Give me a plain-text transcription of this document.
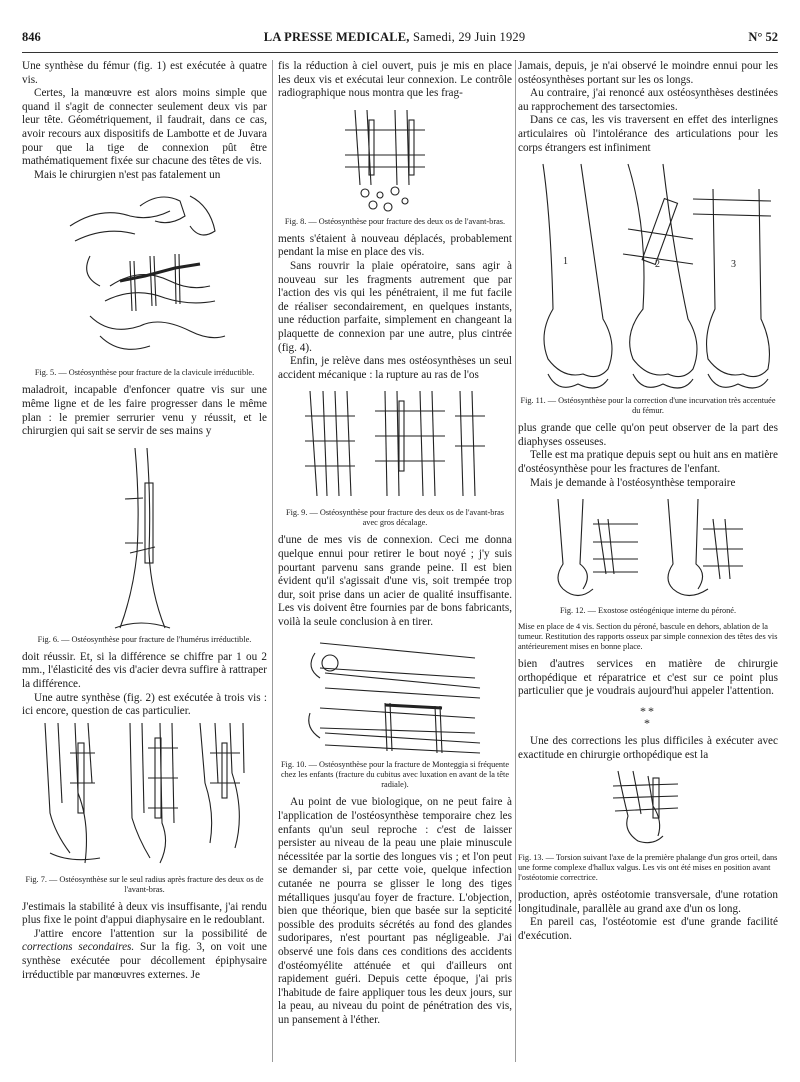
846	LA PRESSE MEDICALE, Samedi, 29 Juin 1929	N° 52

Une synthèse du fémur (fig. 1) est exécutée à quatre vis.

Certes, la manœuvre est alors moins simple que quand il s'agit de connecter seulement deux vis par leur tête. Géométriquement, il faudrait, dans ce cas, avoir recours aux dispositifs de Lambotte et de Juvara pour que la tige de connexion pût être mathématiquement fixée sur chacune des têtes de vis.

Mais le chirurgien n'est pas fatalement un

Fig. 5. — Ostéosynthèse pour fracture de la clavicule irréductible.

maladroit, incapable d'enfoncer quatre vis sur une même ligne et de les faire progresser dans le même plan : le premier serrurier venu y réussit, et le chirurgien qui sait se servir de ses mains y

Fig. 6. — Ostéosynthèse pour fracture de l'humérus irréductible.

doit réussir. Et, si la différence se chiffre par 1 ou 2 mm., l'élasticité des vis d'acier devra suffire à rattraper la différence.

Une autre synthèse (fig. 2) est exécutée à trois vis : ici encore, question de cas particulier.

Fig. 7. — Ostéosynthèse sur le seul radius après fracture des deux os de l'avant-bras.

J'estimais la stabilité à deux vis insuffisante, j'ai rendu plus fixe le point d'appui diaphysaire en le redoublant.

J'attire encore l'attention sur la possibilité de corrections secondaires. Sur la fig. 3, on voit une synthèse exécutée pour décollement épiphysaire irréductible par manœuvres externes. Je

fis la réduction à ciel ouvert, puis je mis en place les deux vis et exécutai leur connexion. Le contrôle radiographique nous montra que les frag-

Fig. 8. — Ostéosynthèse pour fracture des deux os de l'avant-bras.

ments s'étaient à nouveau déplacés, probablement pendant la mise en place des vis.

Sans rouvrir la plaie opératoire, sans agir à nouveau sur les fragments autrement que par l'action des vis qui les pénétraient, il me fut facile de réaliser secondairement, en quelques instants, une réduction parfaite, simplement en changeant la plaquette de connexion par une autre, plus cintrée (fig. 4).

Enfin, je relève dans mes ostéosynthèses un seul accident mécanique : la rupture au ras de l'os

Fig. 9. — Ostéosynthèse pour fracture des deux os de l'avant-bras avec gros décalage.

d'une de mes vis de connexion. Ceci me donna quelque ennui pour retirer le bout noyé ; j'y suis pourtant parvenu sans grande peine. Il est bien évident qu'il s'agissait d'une vis, soit trempée trop dur, soit prise dans un acier de qualité insuffisante. Les vis doivent être fournies par de bons fabricants, voilà la seule conclusion à en tirer.

Fig. 10. — Ostéosynthèse pour la fracture de Monteggia si fréquente chez les enfants (fracture du cubitus avec luxation en avant de la tête radiale).

Au point de vue biologique, on ne peut faire à l'application de l'ostéosynthèse temporaire chez les enfants qu'un seul reproche : c'est de laisser persister au niveau de la peau une plaie minuscule nécessitée par la sortie des longues vis ; et l'on peut se demander si, par cette voie, quelque infection cutanée ne pourra se glisser le long des tiges métalliques jusqu'au foyer de fracture. L'objection, bien que théorique, bien que basée sur la septicité possible des produits sécrétés au fond des glandes sudoripares, n'est pourtant pas négligeable. J'ai observé une fois dans ces conditions des accidents d'ostéomyélite atténuée et qui d'ailleurs ont rapidement guéri. Depuis cette époque, j'ai pris l'habitude de faire appliquer tous les deux jours, sur la peau, au niveau du point de pénétration des vis, un pansement à l'éther.

Jamais, depuis, je n'ai observé le moindre ennui pour les ostéosynthèses portant sur les os longs.

Au contraire, j'ai renoncé aux ostéosynthèses destinées au rapprochement des tarsectomies.

Dans ce cas, les vis traversent en effet des interlignes articulaires où l'intolérance des articulations pour les corps étrangers est infiniment

1	2	3
Fig. 11. — Ostéosynthèse pour la correction d'une incurvation très accentuée du fémur.

plus grande que celle qu'on peut observer de la part des diaphyses osseuses.

Telle est ma pratique depuis sept ou huit ans en matière d'ostéosynthèse pour les fractures de l'enfant.

Mais je demande à l'ostéosynthèse temporaire

Fig. 12. — Exostose ostéogénique interne du péroné.
Mise en place de 4 vis. Section du péroné, bascule en dehors, ablation de la tumeur. Restitution des rapports osseux par simple connexion des têtes des vis antérieurement mises en bonne place.

bien d'autres services en matière de chirurgie orthopédique et réparatrice et c'est sur ce point plus particulier que je voudrais aujourd'hui appeler l'attention.

**
*

Une des corrections les plus difficiles à exécuter avec exactitude en chirurgie orthopédique est la

Fig. 13. — Torsion suivant l'axe de la première phalange d'un gros orteil, dans une forme complexe d'hallux valgus. Les vis ont été mises en position avant l'ostéotomie correctrice.

production, après ostéotomie transversale, d'une rotation longitudinale, parallèle au grand axe d'un os long.

En pareil cas, l'ostéotomie est d'une grande facilité d'exécution.
